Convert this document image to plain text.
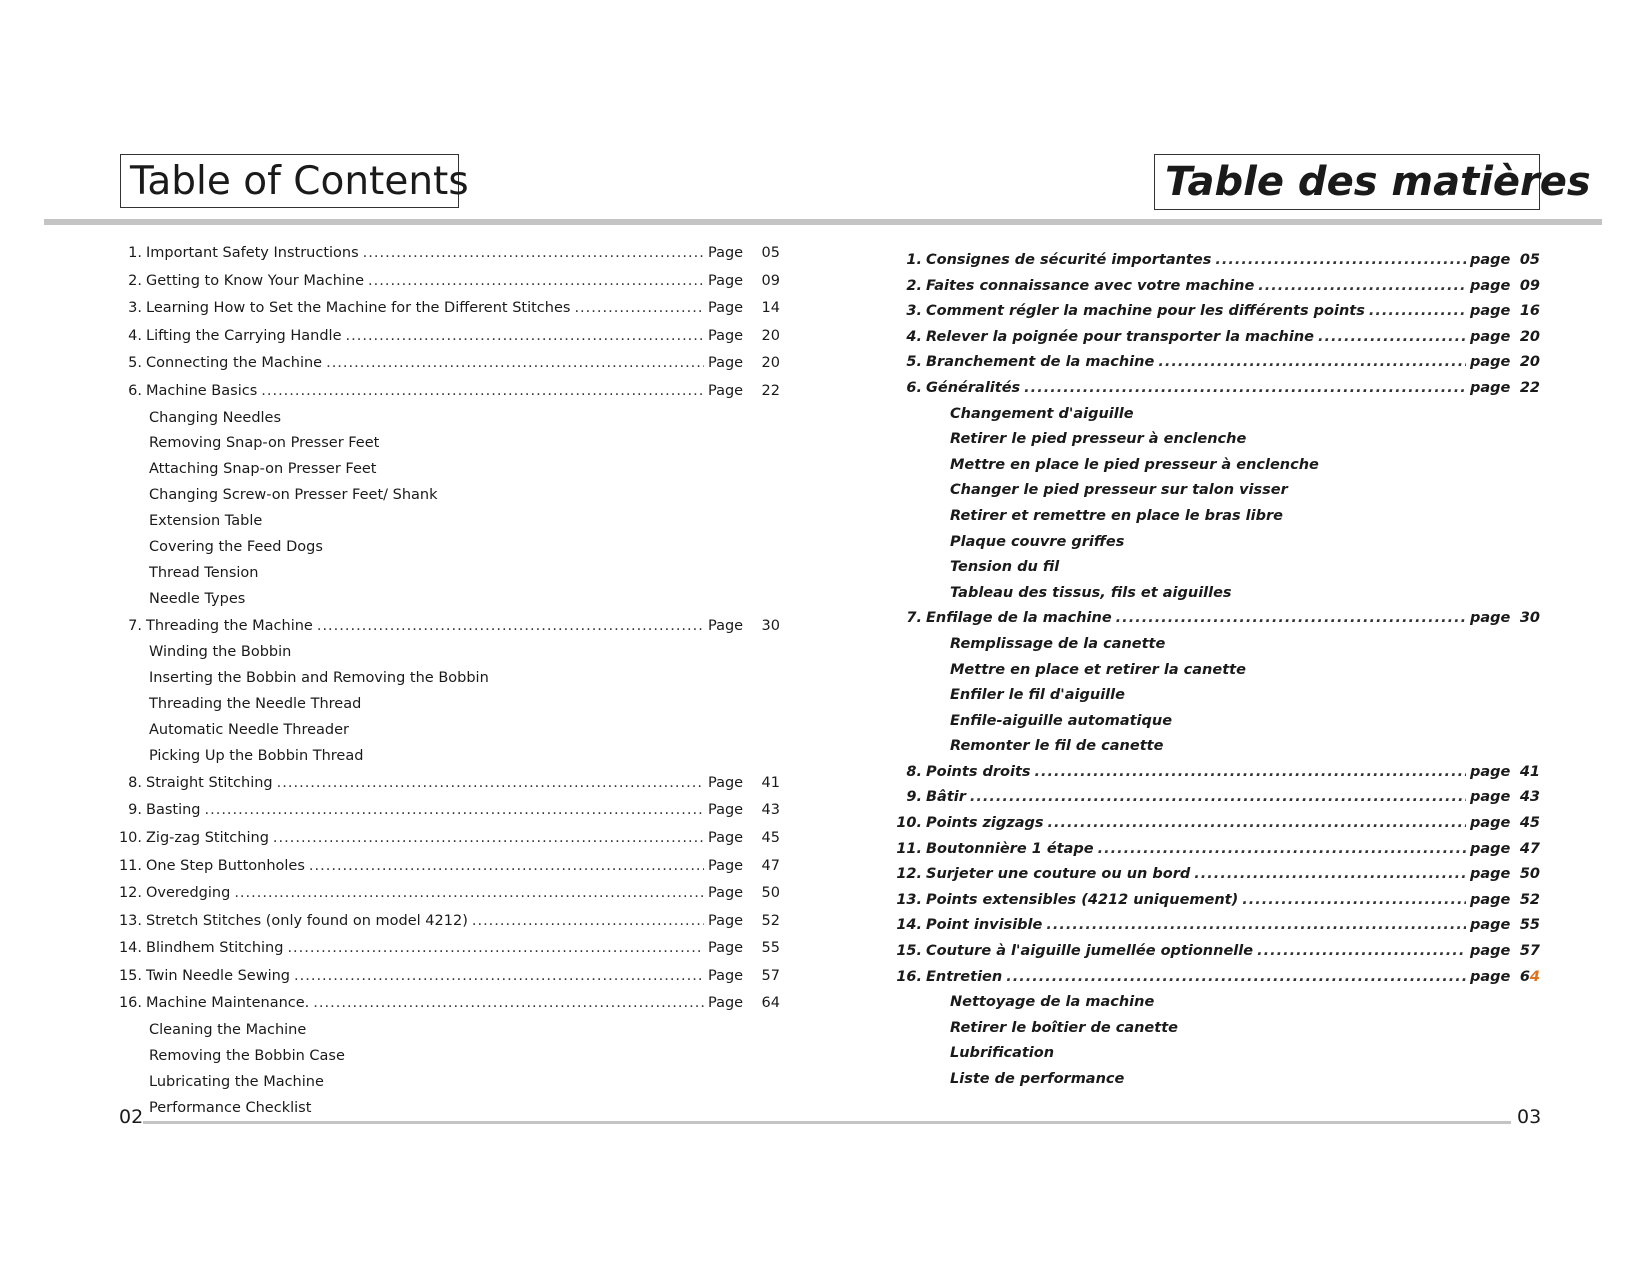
Table of Contents	Table des matières
1. Important Safety Instructions .....	Page	05
2. Getting to Know Your Machine .....	Page	09
3. Learning How to Set the Machine for the Different Stitches .....	Page	14
4. Lifting the Carrying Handle .....	Page	20
5. Connecting the Machine .....	Page	20
6. Machine Basics .....	Page	22
Changing Needles
Removing Snap-on Presser Feet
Attaching Snap-on Presser Feet
Changing Screw-on Presser Feet/ Shank
Extension Table
Covering the Feed Dogs
Thread Tension
Needle Types
7. Threading the Machine .....	Page	30
Winding the Bobbin
Inserting the Bobbin and Removing the Bobbin
Threading the Needle Thread
Automatic Needle Threader
Picking Up the Bobbin Thread
8. Straight Stitching .....	Page	41
9. Basting .....	Page	43
10. Zig-zag Stitching .....	Page	45
11. One Step Buttonholes .....	Page	47
12. Overedging .....	Page	50
13. Stretch Stitches (only found on model 4212) .....	Page	52
14. Blindhem Stitching .....	Page	55
15. Twin Needle Sewing .....	Page	57
16. Machine Maintenance. .....	Page	64
Cleaning the Machine
Removing the Bobbin Case
Lubricating the Machine
Performance Checklist
1. Consignes de sécurité importantes .....	page 05
2. Faites connaissance avec votre machine .....	page 09
3. Comment régler la machine pour les différents points .....	page 16
4. Relever la poignée pour transporter la machine .....	page 20
5. Branchement de la machine .....	page 20
6. Généralités .....	page 22
Changement d'aiguille
Retirer le pied presseur à enclenche
Mettre en place le pied presseur à enclenche
Changer le pied presseur sur talon visser
Retirer et remettre en place le bras libre
Plaque couvre griffes
Tension du fil
Tableau des tissus, fils et aiguilles
7. Enfilage de la machine .....	page 30
Remplissage de la canette
Mettre en place et retirer la canette
Enfiler le fil d'aiguille
Enfile-aiguille automatique
Remonter le fil de canette
8. Points droits .....	page 41
9. Bâtir .....	page 43
10. Points zigzags .....	page 45
11. Boutonnière 1 étape .....	page 47
12. Surjeter une couture ou un bord .....	page 50
13. Points extensibles (4212 uniquement) .....	page 52
14. Point invisible .....	page 55
15. Couture à l'aiguille jumellée optionnelle .....	page 57
16. Entretien .....	page 64
Nettoyage de la machine
Retirer le boîtier de canette
Lubrification
Liste de performance
02	03
